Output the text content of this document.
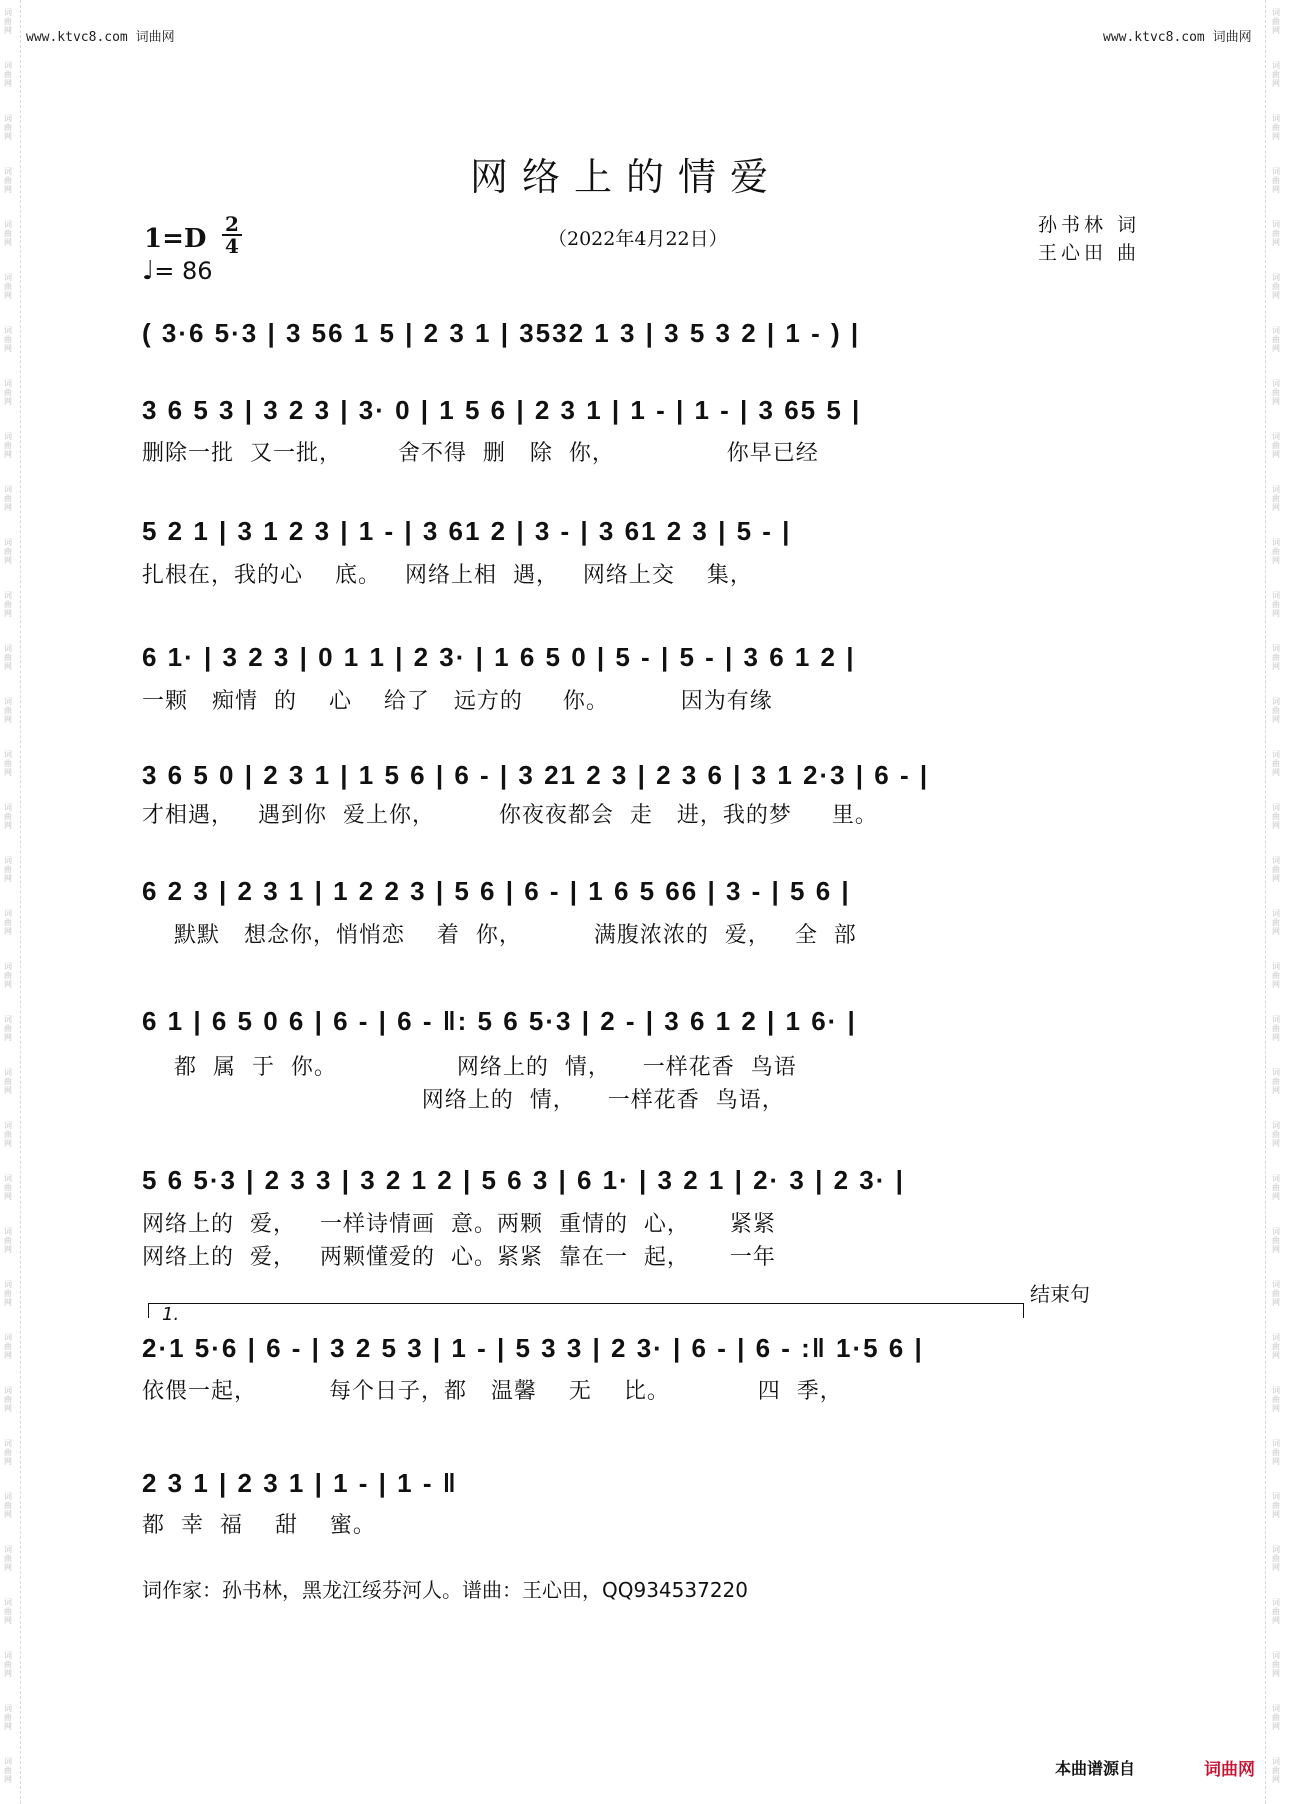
词曲网
词曲网
词曲网
词曲网
词曲网
词曲网
词曲网
词曲网
词曲网
词曲网
词曲网
词曲网
词曲网
词曲网
词曲网
词曲网
词曲网
词曲网
词曲网
词曲网
词曲网
词曲网
词曲网
词曲网
词曲网
词曲网
词曲网
词曲网
词曲网
词曲网
词曲网
词曲网
词曲网
词曲网
词曲网
词曲网
词曲网
词曲网
词曲网
词曲网
词曲网
词曲网
词曲网
词曲网
词曲网
词曲网
词曲网
词曲网
词曲网
词曲网
词曲网
词曲网
词曲网
词曲网
词曲网
词曲网
词曲网
词曲网
词曲网
词曲网
词曲网
词曲网
词曲网
词曲网
词曲网
词曲网
词曲网
词曲网
www.ktvc8.com 词曲网	www.ktvc8.com 词曲网
网络上的情爱
1=D 2
4
♩= 86
（2022年4月22日）
孙书林 词
王心田 曲
( 3·6 5·3 | 3 56 1 5 | 2 3 1 | 3532 1 3 | 3 5 3 2 | 1 - ) |
3 6 5 3 | 3 2 3 | 3· 0 | 1 5 6 | 2 3 1 | 1 - | 1 - | 3 65 5 |
删除一批  又一批，       舍不得  删   除  你，              你早已经
5 2 1 | 3 1 2 3 | 1 - | 3 61 2 | 3 - | 3 61 2 3 | 5 - |
扎根在，我的心    底。   网络上相  遇，   网络上交    集，
6 1· | 3 2 3 | 0 1 1 | 2 3· | 1 6 5 0 | 5 - | 5 - | 3 6 1 2 |
一颗   痴情  的    心    给了   远方的     你。         因为有缘
3 6 5 0 | 2 3 1 | 1 5 6 | 6 - | 3 21 2 3 | 2 3 6 | 3 1 2·3 | 6 - |
才相遇，   遇到你  爱上你，        你夜夜都会  走   进，我的梦     里。
6 2 3 | 2 3 1 | 1 2 2 3 | 5 6 | 6 - | 1 6 5 66 | 3 - | 5 6 |
默默   想念你，悄悄恋    着  你，         满腹浓浓的  爱，   全  部
6 1 | 6 5 0 6 | 6 - | 6 - ‖: 5 6 5·3 | 2 - | 3 6 1 2 | 1 6· |
都  属  于  你。               网络上的  情，    一样花香  鸟语
网络上的  情，    一样花香  鸟语，
5 6 5·3 | 2 3 3 | 3 2 1 2 | 5 6 3 | 6 1· | 3 2 1 | 2· 3 | 2 3· |
网络上的  爱，   一样诗情画  意。两颗  重情的  心，     紧紧
网络上的  爱，   两颗懂爱的  心。紧紧  靠在一  起，     一年
2·1 5·6 | 6 - | 3 2 5 3 | 1 - | 5 3 3 | 2 3· | 6 - | 6 - :‖ 1·5 6 |
依偎一起，         每个日子，都   温馨    无    比。           四  季，
2 3 1 | 2 3 1 | 1 - | 1 - ‖
都  幸  福    甜    蜜。
1.
结束句
词作家：孙书林，黑龙江绥芬河人。谱曲：王心田，QQ934537220
本曲谱源自	词曲网
